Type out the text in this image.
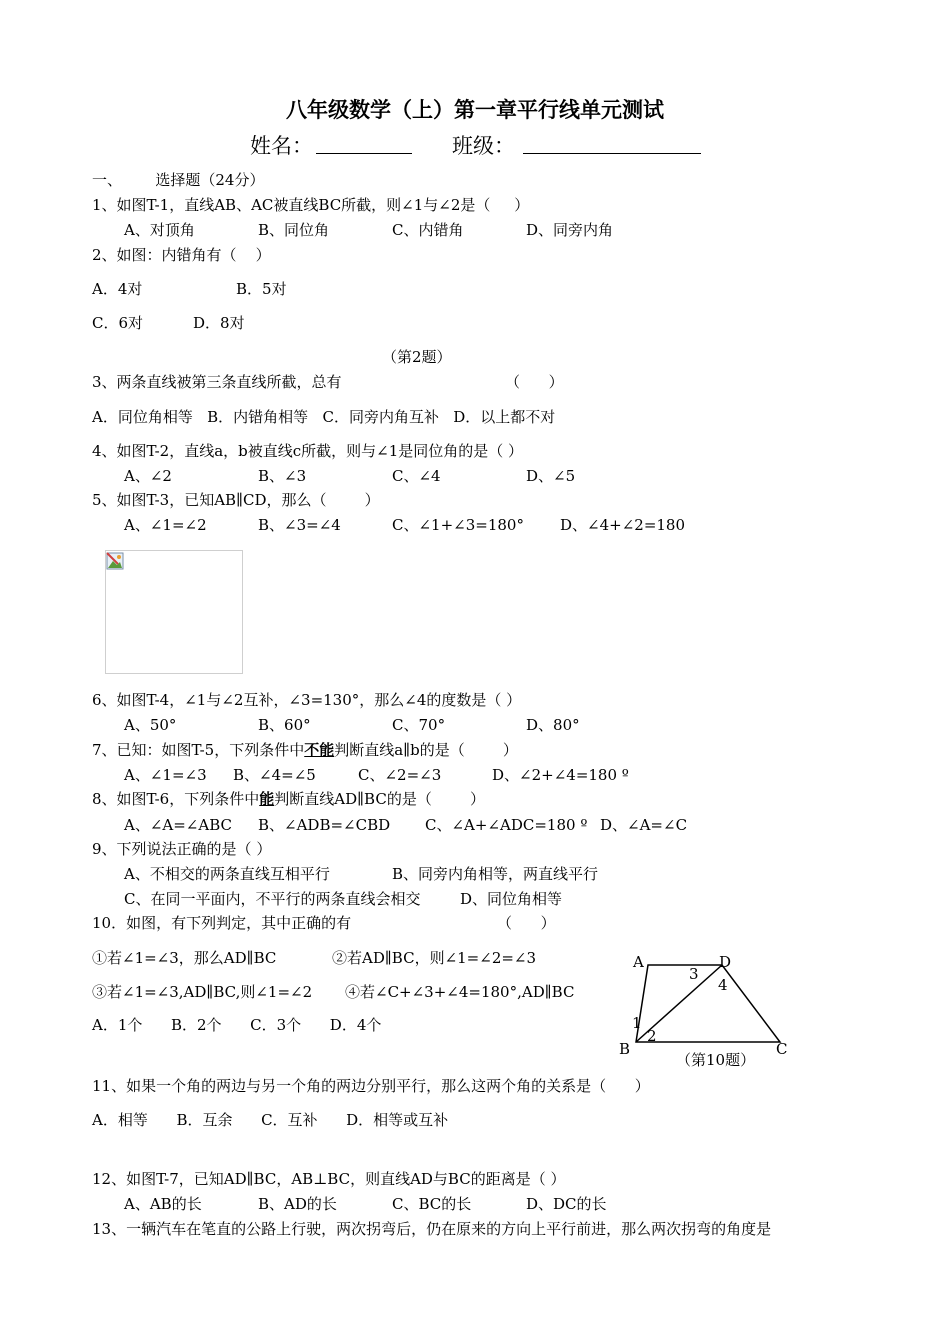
八年级数学（上）第一章平行线单元测试
姓名：	班级：
一、       选择题（24分）
1、如图T-1，直线AB、AC被直线BC所截，则∠1与∠2是（     ）
A、对顶角	B、同位角	C、内错角	D、同旁内角
2、如图：内错角有（    ）
A．4对	B．5对
C．6对	D．8对
（第2题）
3、两条直线被第三条直线所截，总有	（      ）
A．同位角相等   B．内错角相等   C．同旁内角互补   D．以上都不对
4、如图T-2，直线a，b被直线c所截，则与∠1是同位角的是（ ）
A、∠2	B、∠3	C、∠4	D、∠5
5、如图T-3，已知AB∥CD，那么（        ）
A、∠1=∠2	B、∠3=∠4	C、∠1+∠3=180° D、∠4+∠2=180
6、如图T-4，∠1与∠2互补，∠3=130°，那么∠4的度数是（ ）
A、50°	B、60°	C、70°	D、80°
7、已知：如图T-5，下列条件中不能判断直线a∥b的是（        ）
A、∠1=∠3 B、∠4=∠5	C、∠2=∠3	D、∠2+∠4=180 º
8、如图T-6，下列条件中能判断直线AD∥BC的是（        ）
A、∠A=∠ABC B、∠ADB=∠CBD C、∠A+∠ADC=180 º D、∠A=∠C
9、下列说法正确的是（ ）
A、不相交的两条直线互相平行	B、同旁内角相等，两直线平行
C、在同一平面内，不平行的两条直线会相交	D、同位角相等
10．如图，有下列判定，其中正确的有	（      ）
①若∠1=∠3，那么AD∥BC	②若AD∥BC，则∠1=∠2=∠3
③若∠1=∠3,AD∥BC,则∠1=∠2 ④若∠C+∠3+∠4=180°,AD∥BC
A．1个      B．2个      C．3个      D．4个
A	D
B	C
1
2
3
4
（第10题）
11、如果一个角的两边与另一个角的两边分别平行，那么这两个角的关系是（      ）
A．相等      B．互余      C．互补      D．相等或互补
12、如图T-7，已知AD∥BC，AB⊥BC，则直线AD与BC的距离是（ ）
A、AB的长	B、AD的长	C、BC的长	D、DC的长
13、一辆汽车在笔直的公路上行驶，两次拐弯后，仍在原来的方向上平行前进，那么两次拐弯的角度是
